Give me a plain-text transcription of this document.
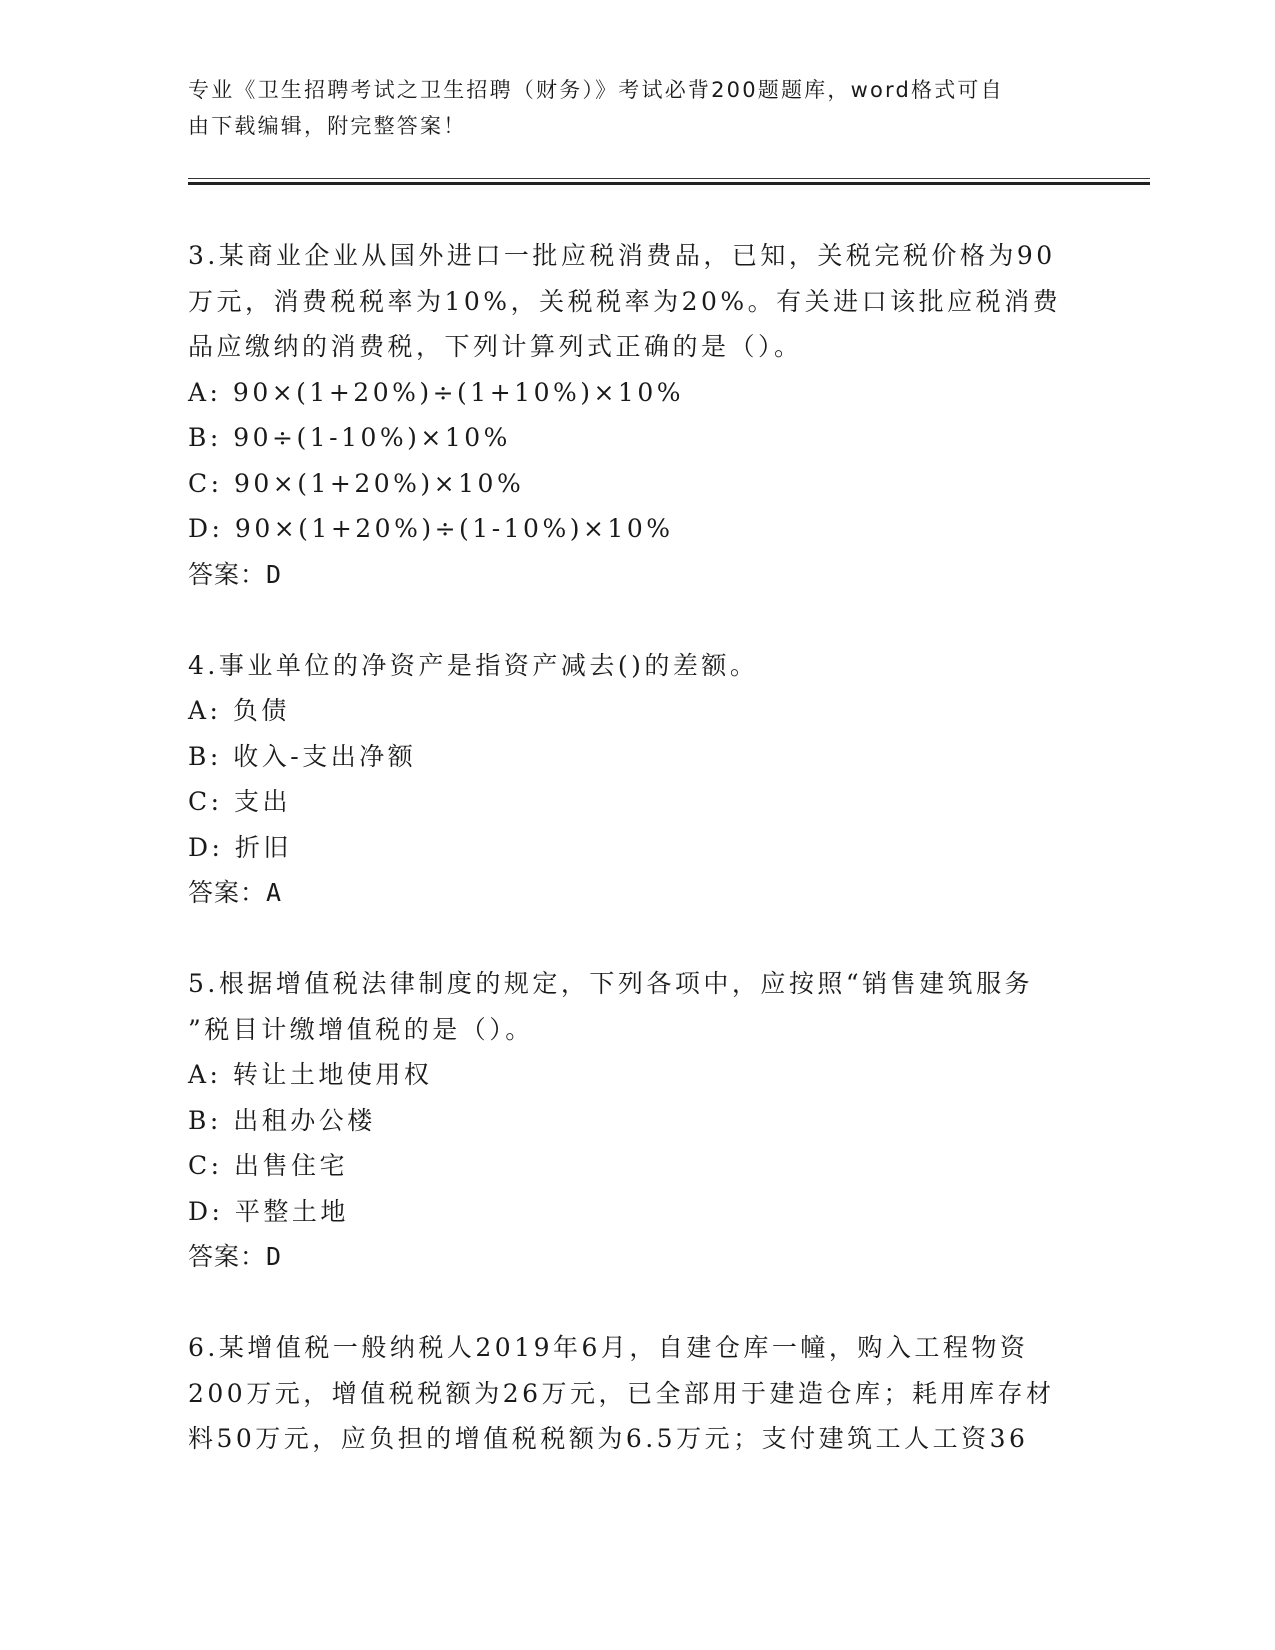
专业《卫生招聘考试之卫生招聘（财务）》考试必背200题题库，word格式可自
由下载编辑，附完整答案！
3.某商业企业从国外进口一批应税消费品，已知，关税完税价格为90
万元，消费税税率为10%，关税税率为20%。有关进口该批应税消费
品应缴纳的消费税，下列计算列式正确的是（）。
A: 90×(1+20%)÷(1+10%)×10%
B: 90÷(1-10%)×10%
C: 90×(1+20%)×10%
D: 90×(1+20%)÷(1-10%)×10%
答案：D
4.事业单位的净资产是指资产减去()的差额。
A: 负债
B: 收入-支出净额
C: 支出
D: 折旧
答案：A
5.根据增值税法律制度的规定，下列各项中，应按照“销售建筑服务
”税目计缴增值税的是（）。
A: 转让土地使用权
B: 出租办公楼
C: 出售住宅
D: 平整土地
答案：D
6.某增值税一般纳税人2019年6月，自建仓库一幢，购入工程物资
200万元，增值税税额为26万元，已全部用于建造仓库；耗用库存材
料50万元，应负担的增值税税额为6.5万元；支付建筑工人工资36
